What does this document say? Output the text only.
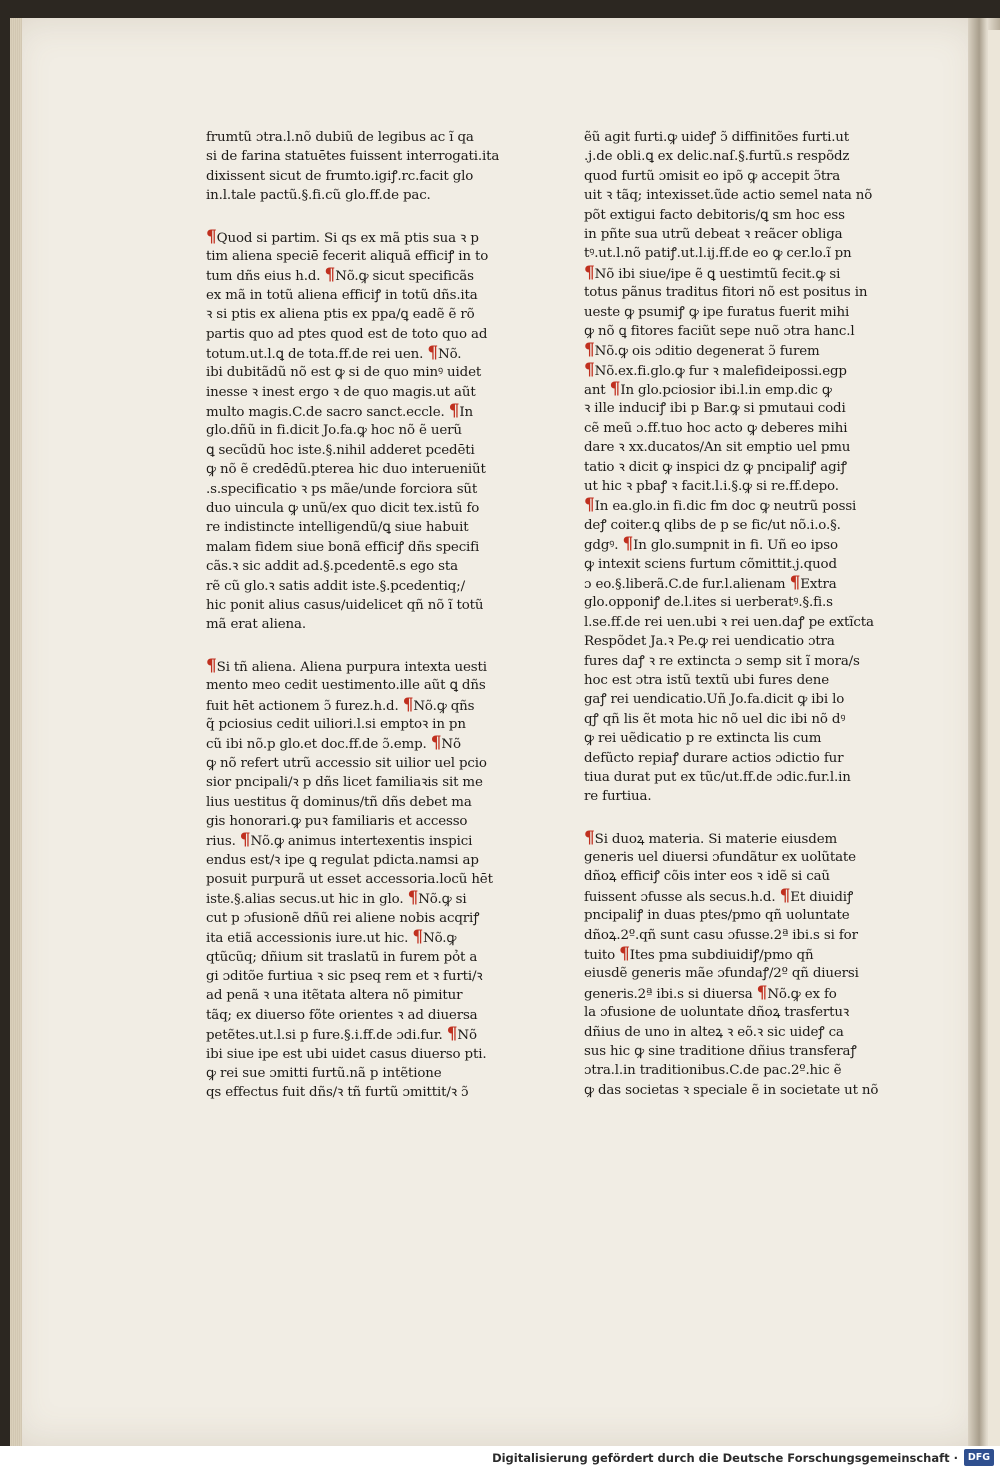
frumtũ ɔtra.l.nõ dubiũ de legibus ac ĩ qa
si de farina statuētes fuissent interrogati.ita
dixissent sicut de frumto.igiꝭ.rc.facit glo
in.l.tale pactũ.§.fi.cũ glo.ff.de pac.
¶Quod si partim. Si qs ex mã ptis sua ꝛ p
tim aliena speciē fecerit aliquã efficiꝭ in to
tum dñs eius h.d. ¶Nõ.ꝙ sicut specificãs
ex mã in totũ aliena efficiꝭ in totũ dñs.ita
ꝛ si ptis ex aliena ptis ex ppa/ꝗ eadẽ ẽ rõ
partis quo ad ptes quod est de toto quo ad
totum.ut.l.ꝗ de tota.ff.de rei uen. ¶Nõ.
ibi dubitãdũ nõ est ꝙ si de quo minꝰ uidet
inesse ꝛ inest ergo ꝛ de quo magis.ut aũt
multo magis.C.de sacro sanct.eccle. ¶In
glo.dñũ in fi.dicit Jo.fa.ꝙ hoc nõ ẽ uerũ
ꝗ secũdũ hoc iste.§.nihil adderet pcedēti
ꝙ nõ ẽ credēdũ.pterea hic duo interueniũt
.s.specificatio ꝛ ps mãe/unde forciora sũt
duo uincula ꝙ unũ/ex quo dicit tex.istũ fo
re indistincte intelligendũ/ꝗ siue habuit
malam fidem siue bonã efficiꝭ dñs specifi
cãs.ꝛ sic addit ad.§.pcedentē.s ego sta
rẽ cũ glo.ꝛ satis addit iste.§.pcedentiq;/
hic ponit alius casus/uidelicet qñ nõ ĩ totũ
mã erat aliena.
¶Si tñ aliena. Aliena purpura intexta uesti
mento meo cedit uestimento.ille aũt ꝗ dñs
fuit hēt actionem ɔ̃ furez.h.d. ¶Nõ.ꝙ qñs
q̃ pciosius cedit uiliori.l.si emptoꝛ in pn
cũ ibi nõ.p glo.et doc.ff.de ɔ̃.emp. ¶Nõ
ꝙ nõ refert utrũ accessio sit uilior uel pcio
sior pncipali/ꝛ p dñs licet familiaꝛis sit me
lius uestitus q̃ dominus/tñ dñs debet ma
gis honorari.ꝙ puꝛ familiaris et accesso
rius. ¶Nõ.ꝙ animus intertexentis inspici
endus est/ꝛ ipe ꝗ regulat pdicta.namsi ap
posuit purpurã ut esset accessoria.locũ hēt
iste.§.alias secus.ut hic in glo. ¶Nõ.ꝙ si
cut p ɔfusionẽ dñũ rei aliene nobis acqriꝭ
ita etiã accessionis iure.ut hic. ¶Nõ.ꝙ
qtũcũq; dñium sit traslatũ in furem pỏt a
gi ɔditõe furtiua ꝛ sic pseq rem et ꝛ furti/ꝛ
ad penã ꝛ una itẽtata altera nõ pimitur
tãq; ex diuerso fõte orientes ꝛ ad diuersa
petẽtes.ut.l.si p fure.§.i.ff.de ɔdi.fur. ¶Nõ
ibi siue ipe est ubi uidet casus diuerso pti.
ꝙ rei sue ɔmitti furtũ.nã p intẽtione
qs effectus fuit dñs/ꝛ tñ furtũ ɔmittit/ꝛ ɔ̃
ẽũ agit furti.ꝙ uideꝭ ɔ̃ diffinitões furti.ut
.j.de obli.ꝗ ex delic.naſ.§.furtũ.s respõdz
quod furtũ ɔmisit eo ipõ ꝙ accepit ɔ̃tra
uit ꝛ tãq; intexisset.ũde actio semel nata nõ
põt extigui facto debitoris/ꝗ sm hoc ess
in pñte sua utrũ debeat ꝛ reãcer obliga
tꝰ.ut.l.nõ patiꝭ.ut.l.ij.ff.de eo ꝙ cer.lo.ĩ pn
¶Nõ ibi siue/ipe ẽ ꝗ uestimtũ fecit.ꝙ si
totus pãnus traditus fitori nõ est positus in
ueste ꝙ psumiꝭ ꝙ ipe furatus fuerit mihi
ꝙ nõ ꝗ fitores faciũt sepe nuõ ɔtra hanc.l
¶Nõ.ꝙ ois ɔditio degenerat ɔ̃ furem
¶Nõ.ex.fi.glo.ꝙ fur ꝛ malefideipossi.egp
ant ¶In glo.pciosior ibi.l.in emp.dic ꝙ
ꝛ ille induciꝭ ibi p Bar.ꝙ si pmutaui codi
cẽ meũ ɔ.ff.tuo hoc acto ꝙ deberes mihi
dare ꝛ xx.ducatos/An sit emptio uel pmu
tatio ꝛ dicit ꝙ inspici dz ꝙ pncipaliꝭ agiꝭ
ut hic ꝛ pbaꝭ ꝛ facit.l.i.§.ꝙ si re.ff.depo.
¶In ea.glo.in fi.dic fm doc ꝙ neutrũ possi
deꝭ coiter.ꝗ qlibs de p se fic/ut nõ.i.o.§.
gdgꝰ. ¶In glo.sumpnit in fi. Uñ eo ipso
ꝙ intexit sciens furtum cõmittit.j.quod
ɔ eo.§.liberã.C.de fur.l.alienam ¶Extra
glo.opponiꝭ de.l.ites si uerberatꝰ.§.fi.s
l.se.ff.de rei uen.ubi ꝛ rei uen.daꝭ pe extĩcta
Respõdet Ja.ꝛ Pe.ꝙ rei uendicatio ɔtra
fures daꝭ ꝛ re extincta ɔ semp sit ĩ mora/s
hoc est ɔtra istũ textũ ubi fures dene
gaꝭ rei uendicatio.Uñ Jo.fa.dicit ꝙ ibi lo
qꝭ qñ lis ẽt mota hic nõ uel dic ibi nõ dꝰ
ꝙ rei uẽdicatio p re extincta lis cum
defũcto repiaꝭ durare actios ɔdictio fur
tiua durat put ex tũc/ut.ff.de ɔdic.fur.l.in
re furtiua.
¶Si duoꝝ materia. Si materie eiusdem
generis uel diuersi ɔfundãtur ex uolũtate
dñoꝝ efficiꝭ cõis inter eos ꝛ idẽ si caũ
fuissent ɔfusse als secus.h.d. ¶Et diuidiꝭ
pncipaliꝭ in duas ptes/pmo qñ uoluntate
dñoꝝ.2º.qñ sunt casu ɔfusse.2ª ibi.s si for
tuito ¶Ites pma subdiuidiꝭ/pmo qñ
eiusdẽ generis mãe ɔfundaꝭ/2º qñ diuersi
generis.2ª ibi.s si diuersa ¶Nõ.ꝙ ex fo
la ɔfusione de uoluntate dñoꝝ trasfertuꝛ
dñius de uno in alteꝝ ꝛ eõ.ꝛ sic uideꝭ ca
sus hic ꝙ sine traditione dñius transferaꝭ
ɔtra.l.in traditionibus.C.de pac.2º.hic ẽ
ꝙ das societas ꝛ speciale ẽ in societate ut nõ
Digitalisierung gefördert durch die Deutsche Forschungsgemeinschaft ·	DFG
